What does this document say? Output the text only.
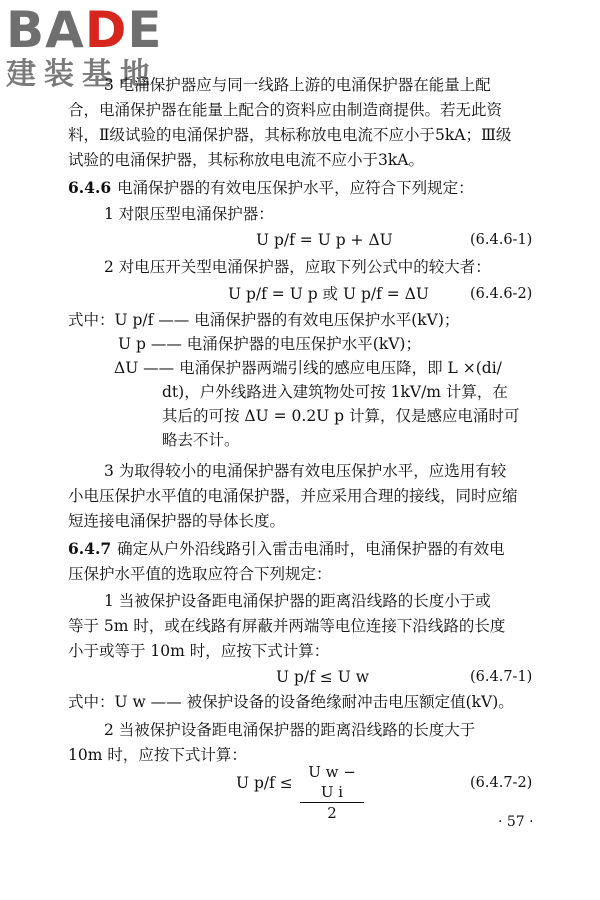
BADE
建装基地
3 电涌保护器应与同一线路上游的电涌保护器在能量上配
合，电涌保护器在能量上配合的资料应由制造商提供。若无此资
料，Ⅱ级试验的电涌保护器，其标称放电电流不应小于5kA；Ⅲ级
试验的电涌保护器，其标称放电电流不应小于3kA。
6.4.6 电涌保护器的有效电压保护水平，应符合下列规定：
1 对限压型电涌保护器：
U p/f = U p + ΔU	(6.4.6-1)
2 对电压开关型电涌保护器，应取下列公式中的较大者：
U p/f = U p 或 U p/f = ΔU	(6.4.6-2)
式中：U p/f —— 电涌保护器的有效电压保护水平(kV)；
U p —— 电涌保护器的电压保护水平(kV)；
ΔU —— 电涌保护器两端引线的感应电压降，即 L ×(di/
dt)，户外线路进入建筑物处可按 1kV/m 计算，在
其后的可按 ΔU = 0.2U p 计算，仅是感应电涌时可
略去不计。
3 为取得较小的电涌保护器有效电压保护水平，应选用有较
小电压保护水平值的电涌保护器，并应采用合理的接线，同时应缩
短连接电涌保护器的导体长度。
6.4.7 确定从户外沿线路引入雷击电涌时，电涌保护器的有效电
压保护水平值的选取应符合下列规定：
1 当被保护设备距电涌保护器的距离沿线路的长度小于或
等于 5m 时，或在线路有屏蔽并两端等电位连接下沿线路的长度
小于或等于 10m 时，应按下式计算：
U p/f ≤ U w	(6.4.7-1)
式中：U w —— 被保护设备的设备绝缘耐冲击电压额定值(kV)。
2 当被保护设备距电涌保护器的距离沿线路的长度大于
10m 时，应按下式计算：
U $p/f \le \frac{\text{U w − U i}}{2}$	(6.4.7-2)
· 57 ·
